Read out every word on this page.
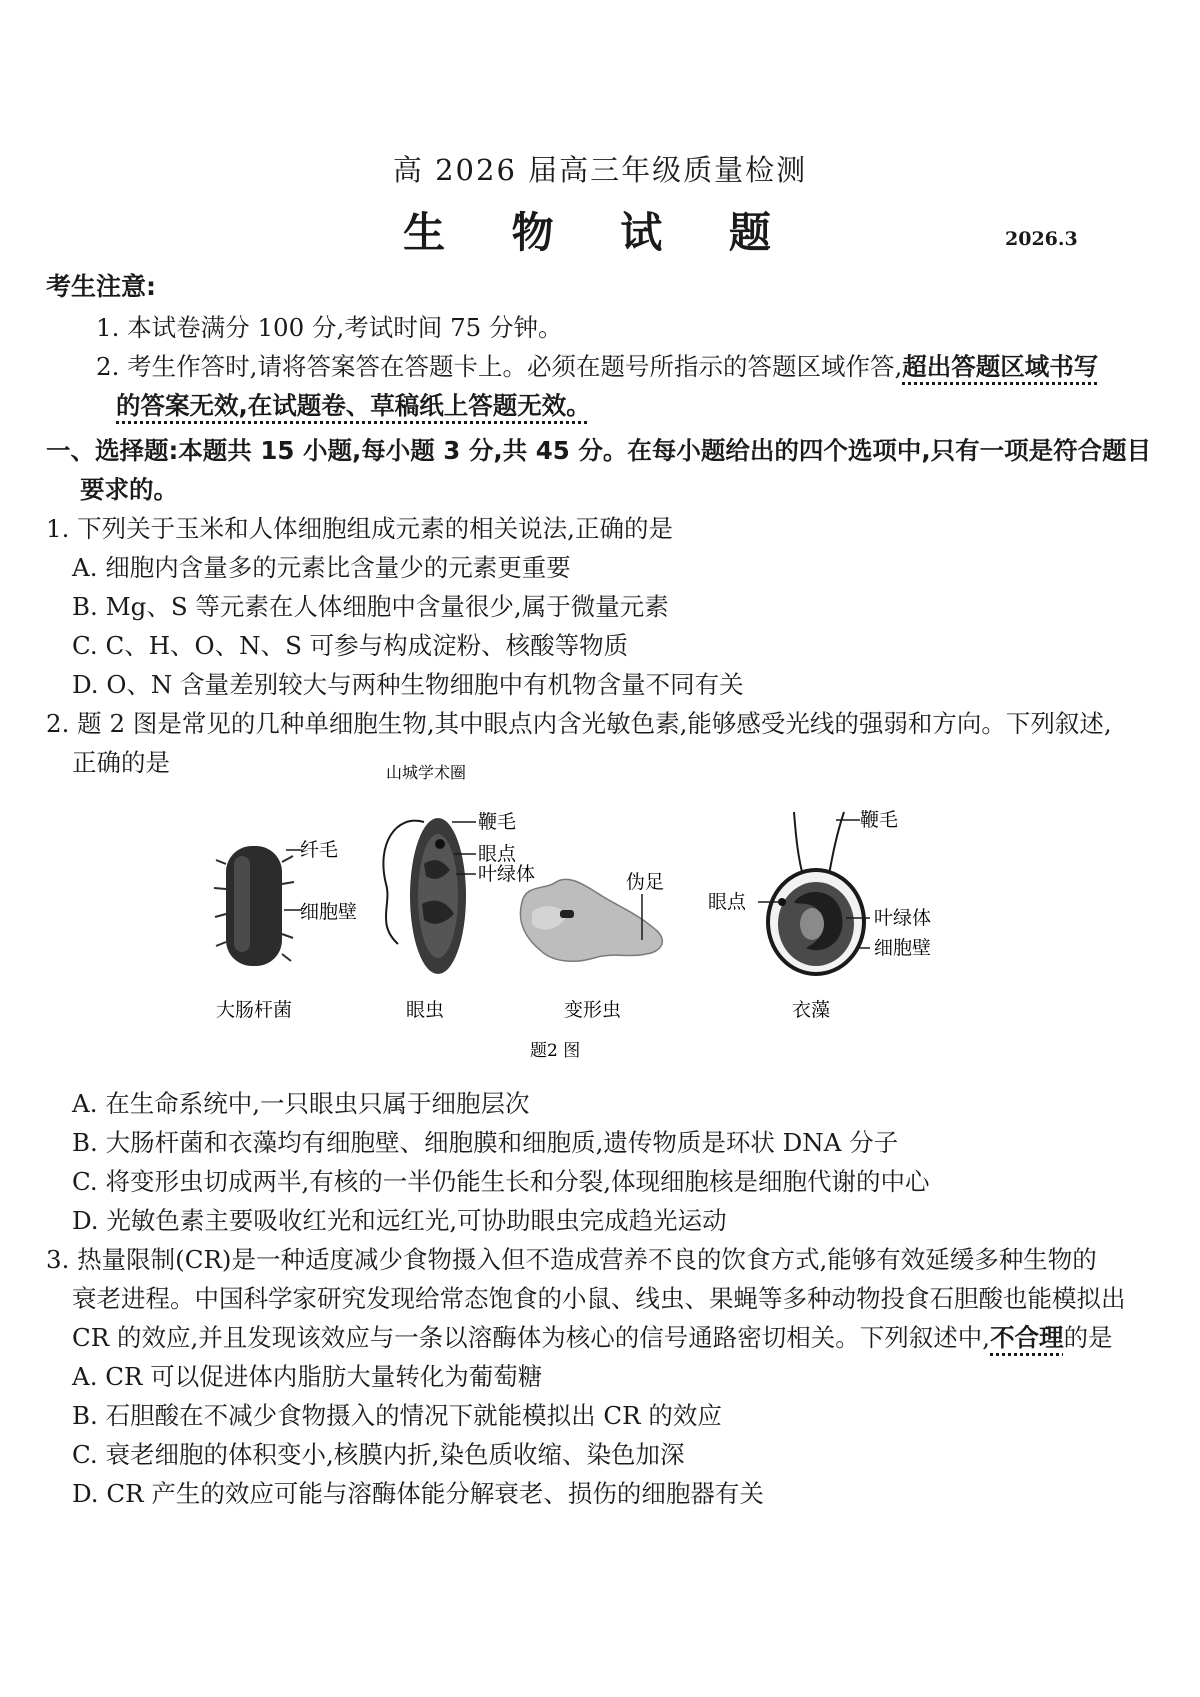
高 2026 届高三年级质量检测
生 物 试 题	2026.3
考生注意:
1. 本试卷满分 100 分,考试时间 75 分钟。
2. 考生作答时,请将答案答在答题卡上。必须在题号所指示的答题区域作答,超出答题区域书写
的答案无效,在试题卷、草稿纸上答题无效。
一、选择题:本题共 15 小题,每小题 3 分,共 45 分。在每小题给出的四个选项中,只有一项是符合题目
要求的。
1. 下列关于玉米和人体细胞组成元素的相关说法,正确的是
A. 细胞内含量多的元素比含量少的元素更重要
B. Mg、S 等元素在人体细胞中含量很少,属于微量元素
C. C、H、O、N、S 可参与构成淀粉、核酸等物质
D. O、N 含量差别较大与两种生物细胞中有机物含量不同有关
2. 题 2 图是常见的几种单细胞生物,其中眼点内含光敏色素,能够感受光线的强弱和方向。下列叙述,
正确的是	山城学术圈
纤毛
细胞壁
鞭毛
眼点
叶绿体	伪足
鞭毛
眼点
叶绿体
细胞壁
大肠杆菌	眼虫	变形虫	衣藻
题2 图
A. 在生命系统中,一只眼虫只属于细胞层次
B. 大肠杆菌和衣藻均有细胞壁、细胞膜和细胞质,遗传物质是环状 DNA 分子
C. 将变形虫切成两半,有核的一半仍能生长和分裂,体现细胞核是细胞代谢的中心
D. 光敏色素主要吸收红光和远红光,可协助眼虫完成趋光运动
3. 热量限制(CR)是一种适度减少食物摄入但不造成营养不良的饮食方式,能够有效延缓多种生物的
衰老进程。中国科学家研究发现给常态饱食的小鼠、线虫、果蝇等多种动物投食石胆酸也能模拟出
CR 的效应,并且发现该效应与一条以溶酶体为核心的信号通路密切相关。下列叙述中,不合理的是
A. CR 可以促进体内脂肪大量转化为葡萄糖
B. 石胆酸在不减少食物摄入的情况下就能模拟出 CR 的效应
C. 衰老细胞的体积变小,核膜内折,染色质收缩、染色加深
D. CR 产生的效应可能与溶酶体能分解衰老、损伤的细胞器有关
